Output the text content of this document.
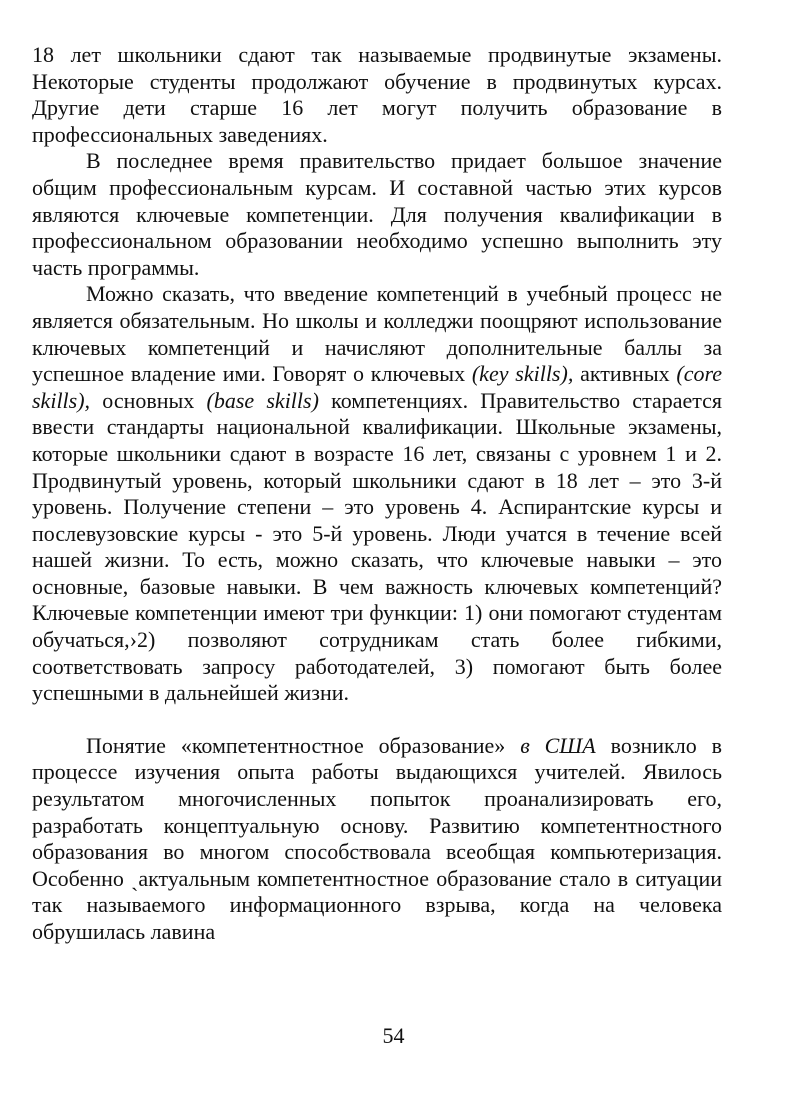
18 лет школьники сдают так называемые продвинутые экзамены. Некоторые студенты продолжают обучение в продвинутых курсах. Другие дети старше 16 лет могут получить образование в профессиональных заведениях.

В последнее время правительство придает большое значение общим профессиональным курсам. И составной частью этих курсов являются ключевые компетенции. Для получения квалификации в профессиональном образовании необходимо успешно выполнить эту часть программы.

Можно сказать, что введение компетенций в учебный процесс не является обязательным. Но школы и колледжи поощряют использование ключевых компетенций и начисляют дополнительные баллы за успешное владение ими. Говорят о ключевых (key skills), активных (core skills), основных (base skills) компетенциях. Правительство старается ввести стандарты национальной квалификации. Школьные экзамены, которые школьники сдают в возрасте 16 лет, связаны с уровнем 1 и 2. Продвинутый уровень, который школьники сдают в 18 лет – это 3-й уровень. Получение степени – это уровень 4. Аспирантские курсы и послевузовские курсы - это 5-й уровень. Люди учатся в течение всей нашей жизни. То есть, можно сказать, что ключевые навыки – это основные, базовые навыки. В чем важность ключевых компетенций? Ключевые компетенции имеют три функции: 1) они помогают студентам обучаться,›2) позволяют сотрудникам стать более гибкими, соответствовать запросу работодателей, 3) помогают быть более успешными в дальнейшей жизни.

Понятие «компетентностное образование» в США возникло в процессе изучения опыта работы выдающихся учителей. Явилось результатом многочисленных попыток проанализировать его, разработать концептуальную основу. Развитию компетентностного образования во многом способствовала всеобщая компьютеризация. Особенно ˏактуальным компетентностное образование стало в ситуации так называемого информационного взрыва, когда на человека обрушилась лавина

54
